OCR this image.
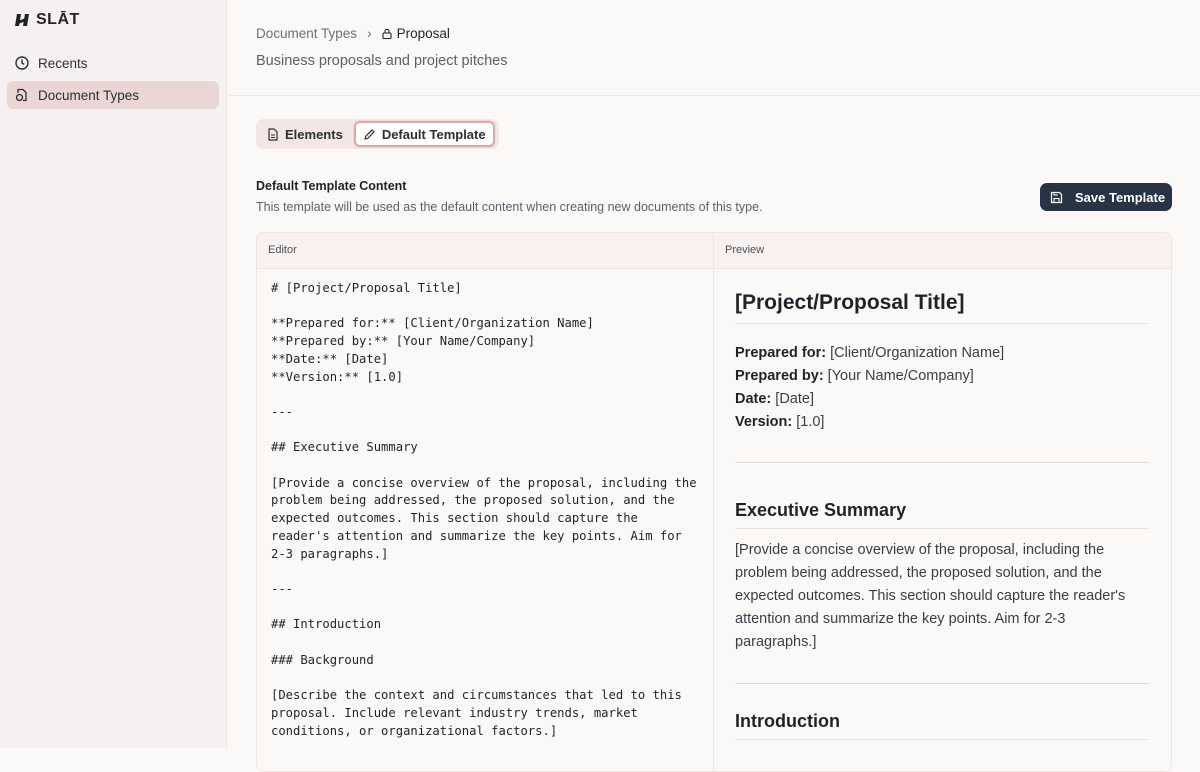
SLĀT
Recents
Document Types
Document Types › Proposal
Business proposals and project pitches
Elements	Default Template
Default Template Content
This template will be used as the default content when creating new documents of this type.
Save Template
Editor	Preview
# [Project/Proposal Title]

**Prepared for:** [Client/Organization Name]
**Prepared by:** [Your Name/Company]
**Date:** [Date]
**Version:** [1.0]

---

## Executive Summary

[Provide a concise overview of the proposal, including the problem being addressed, the proposed solution, and the expected outcomes. This section should capture the reader's attention and summarize the key points. Aim for 2-3 paragraphs.]

---

## Introduction

### Background

[Describe the context and circumstances that led to this proposal. Include relevant industry trends, market conditions, or organizational factors.]
[Project/Proposal Title]
Prepared for: [Client/Organization Name]
Prepared by: [Your Name/Company]
Date: [Date]
Version: [1.0]
Executive Summary

[Provide a concise overview of the proposal, including the problem being addressed, the proposed solution, and the expected outcomes. This section should capture the reader's attention and summarize the key points. Aim for 2-3 paragraphs.]

Introduction
